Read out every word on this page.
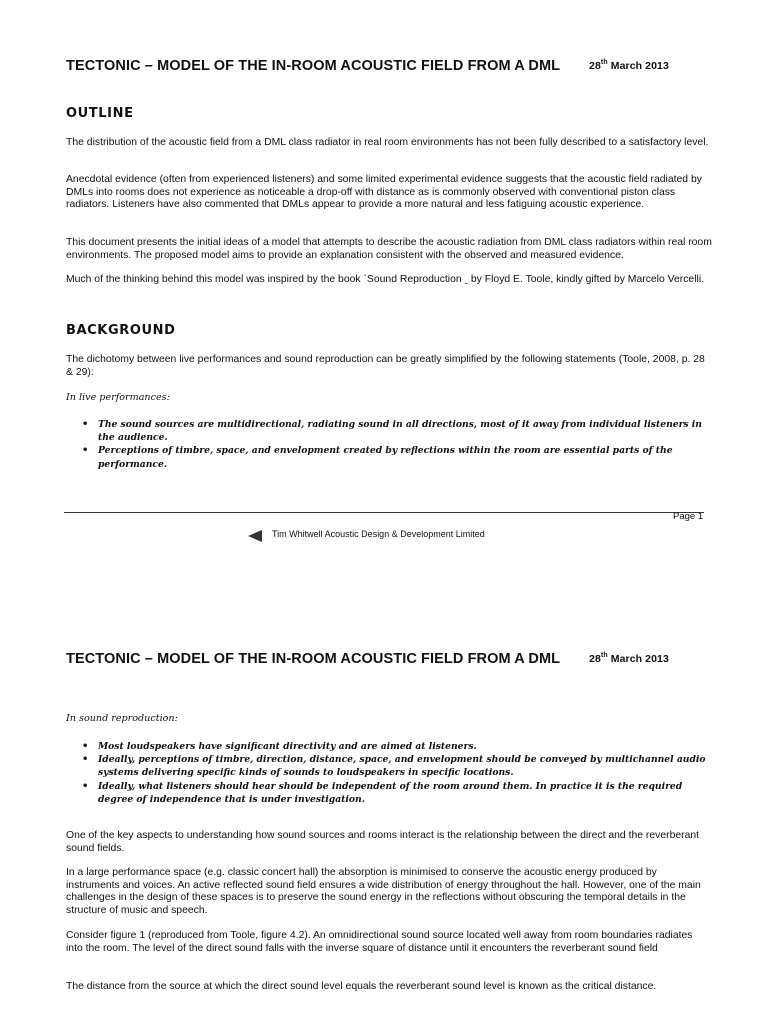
TECTONIC – MODEL OF THE IN-ROOM ACOUSTIC FIELD FROM A DML	28th March 2013
OUTLINE

The distribution of the acoustic field from a DML class radiator in real room environments has not been fully described to a satisfactory level.

Anecdotal evidence (often from experienced listeners) and some limited experimental evidence suggests that the acoustic field radiated by DMLs into rooms does not experience as noticeable a drop-off with distance as is commonly observed with conventional piston class radiators. Listeners have also commented that DMLs appear to provide a more natural and less fatiguing acoustic experience.

This document presents the initial ideas of a model that attempts to describe the acoustic radiation from DML class radiators within real room environments. The proposed model aims to provide an explanation consistent with the observed and measured evidence.

Much of the thinking behind this model was inspired by the book ˋSound Reproduction ˍ by Floyd E. Toole, kindly gifted by Marcelo Vercelli.

BACKGROUND

The dichotomy between live performances and sound reproduction can be greatly simplified by the following statements (Toole, 2008, p. 28 & 29):

In live performances:
• The sound sources are multidirectional, radiating sound in all directions, most of it away from individual listeners in the audience.
• Perceptions of timbre, space, and envelopment created by reflections within the room are essential parts of the performance.
Page 1
Tim Whitwell Acoustic Design & Development Limited
TECTONIC – MODEL OF THE IN-ROOM ACOUSTIC FIELD FROM A DML	28th March 2013
In sound reproduction:
• Most loudspeakers have significant directivity and are aimed at listeners.
• Ideally, perceptions of timbre, direction, distance, space, and envelopment should be conveyed by multichannel audio systems delivering specific kinds of sounds to loudspeakers in specific locations.
• Ideally, what listeners should hear should be independent of the room around them. In practice it is the required degree of independence that is under investigation.

One of the key aspects to understanding how sound sources and rooms interact is the relationship between the direct and the reverberant sound fields.

In a large performance space (e.g. classic concert hall) the absorption is minimised to conserve the acoustic energy produced by instruments and voices. An active reflected sound field ensures a wide distribution of energy throughout the hall. However, one of the main challenges in the design of these spaces is to preserve the sound energy in the reflections without obscuring the temporal details in the structure of music and speech.

Consider figure 1 (reproduced from Toole, figure 4.2). An omnidirectional sound source located well away from room boundaries radiates into the room. The level of the direct sound falls with the inverse square of distance until it encounters the reverberant sound field

The distance from the source at which the direct sound level equals the reverberant sound level is known as the critical distance.
